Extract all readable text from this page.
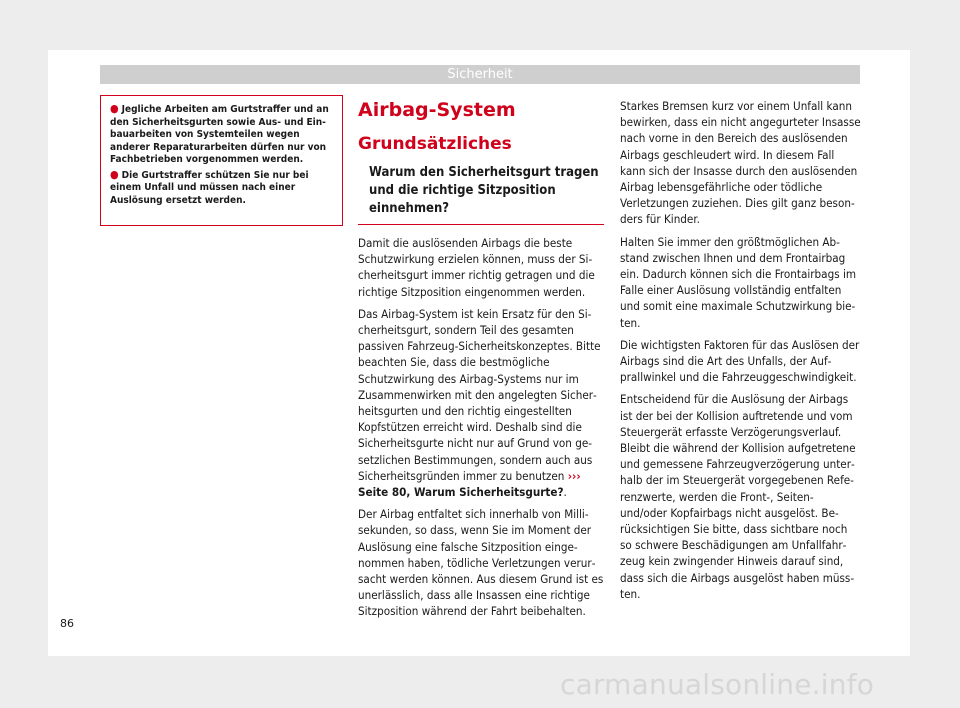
Sicherheit
● Jegliche Arbeiten am Gurtstraffer und an den Sicherheitsgurten sowie Aus- und Einbauarbeiten von Systemteilen wegen anderer Reparaturarbeiten dürfen nur von Fachbetrieben vorgenommen werden.
● Die Gurtstraffer schützen Sie nur bei einem Unfall und müssen nach einer Auslösung ersetzt werden.
Airbag-System
Grundsätzliches
Warum den Sicherheitsgurt tragen und die richtige Sitzposition einnehmen?

Damit die auslösenden Airbags die beste Schutzwirkung erzielen können, muss der Sicherheitsgurt immer richtig getragen und die richtige Sitzposition eingenommen werden.

Das Airbag-System ist kein Ersatz für den Sicherheitsgurt, sondern Teil des gesamten passiven Fahrzeug-Sicherheitskonzeptes. Bitte beachten Sie, dass die bestmögliche Schutzwirkung des Airbag-Systems nur im Zusammenwirken mit den angelegten Sicherheitsgurten und den richtig eingestellten Kopfstützen erreicht wird. Deshalb sind die Sicherheitsgurte nicht nur auf Grund von gesetzlichen Bestimmungen, sondern auch aus Sicherheitsgründen immer zu benutzen ››› Seite 80, Warum Sicherheitsgurte?.

Der Airbag entfaltet sich innerhalb von Millisekunden, so dass, wenn Sie im Moment der Auslösung eine falsche Sitzposition eingenommen haben, tödliche Verletzungen verursacht werden können. Aus diesem Grund ist es unerlässlich, dass alle Insassen eine richtige Sitzposition während der Fahrt beibehalten.

Starkes Bremsen kurz vor einem Unfall kann bewirken, dass ein nicht angegurteter Insasse nach vorne in den Bereich des auslösenden Airbags geschleudert wird. In diesem Fall kann sich der Insasse durch den auslösenden Airbag lebensgefährliche oder tödliche Verletzungen zuziehen. Dies gilt ganz besonders für Kinder.

Halten Sie immer den größtmöglichen Abstand zwischen Ihnen und dem Frontairbag ein. Dadurch können sich die Frontairbags im Falle einer Auslösung vollständig entfalten und somit eine maximale Schutzwirkung bieten.

Die wichtigsten Faktoren für das Auslösen der Airbags sind die Art des Unfalls, der Aufprallwinkel und die Fahrzeuggeschwindigkeit.

Entscheidend für die Auslösung der Airbags ist der bei der Kollision auftretende und vom Steuergerät erfasste Verzögerungsverlauf. Bleibt die während der Kollision aufgetretene und gemessene Fahrzeugverzögerung unterhalb der im Steuergerät vorgegebenen Referenzwerte, werden die Front-, Seiten- und/oder Kopfairbags nicht ausgelöst. Berücksichtigen Sie bitte, dass sichtbare noch so schwere Beschädigungen am Unfallfahrzeug kein zwingender Hinweis darauf sind, dass sich die Airbags ausgelöst haben müssten.

86
carmanualsonline.info
